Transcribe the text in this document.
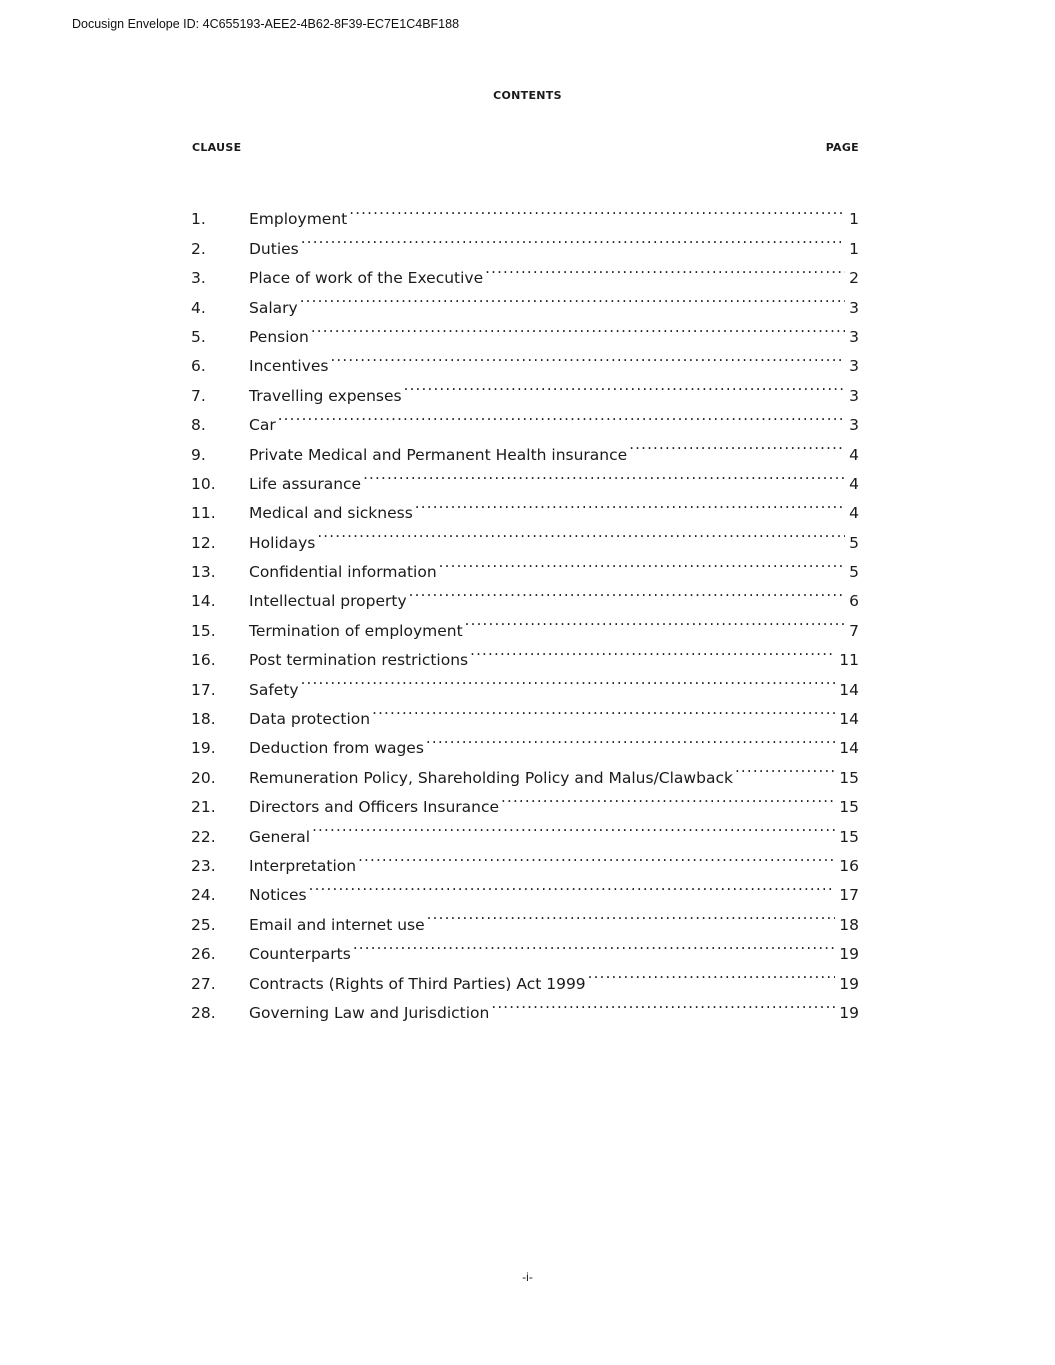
Docusign Envelope ID: 4C655193-AEE2-4B62-8F39-EC7E1C4BF188
CONTENTS
CLAUSE	PAGE
1.	Employment .....	1
2.	Duties .....	1
3.	Place of work of the Executive .....	2
4.	Salary .....	3
5.	Pension .....	3
6.	Incentives .....	3
7.	Travelling expenses .....	3
8.	Car .....	3
9.	Private Medical and Permanent Health insurance .....	4
10.	Life assurance .....	4
11.	Medical and sickness .....	4
12.	Holidays .....	5
13.	Confidential information .....	5
14.	Intellectual property .....	6
15.	Termination of employment .....	7
16.	Post termination restrictions .....	11
17.	Safety .....	14
18.	Data protection .....	14
19.	Deduction from wages .....	14
20.	Remuneration Policy, Shareholding Policy and Malus/Clawback .....	15
21.	Directors and Officers Insurance .....	15
22.	General .....	15
23.	Interpretation .....	16
24.	Notices .....	17
25.	Email and internet use .....	18
26.	Counterparts .....	19
27.	Contracts (Rights of Third Parties) Act 1999 .....	19
28.	Governing Law and Jurisdiction .....	19
-i-
